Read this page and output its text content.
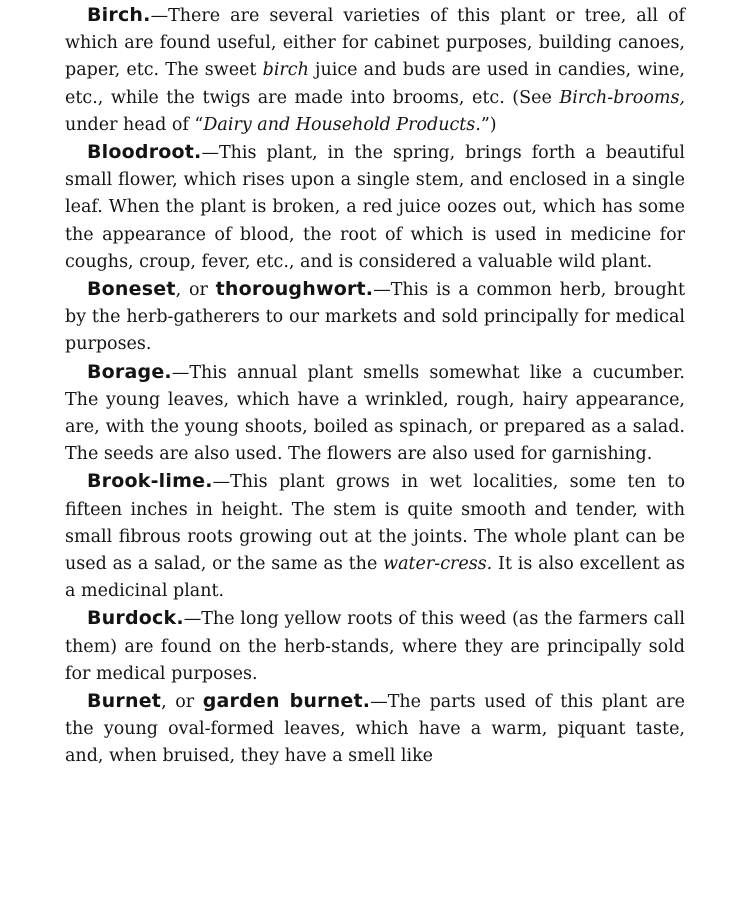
Birch.—There are several varieties of this plant or tree, all of which are found useful, either for cabinet purposes, building canoes, paper, etc. The sweet birch juice and buds are used in candies, wine, etc., while the twigs are made into brooms, etc. (See Birch-brooms, under head of “Dairy and Household Products.”)

Bloodroot.—This plant, in the spring, brings forth a beautiful small flower, which rises upon a single stem, and enclosed in a single leaf. When the plant is broken, a red juice oozes out, which has some the appearance of blood, the root of which is used in medicine for coughs, croup, fever, etc., and is considered a valuable wild plant.

Boneset, or thoroughwort.—This is a common herb, brought by the herb-gatherers to our markets and sold principally for medical purposes.

Borage.—This annual plant smells somewhat like a cucumber. The young leaves, which have a wrinkled, rough, hairy appearance, are, with the young shoots, boiled as spinach, or prepared as a salad. The seeds are also used. The flowers are also used for garnishing.

Brook-lime.—This plant grows in wet localities, some ten to fifteen inches in height. The stem is quite smooth and tender, with small fibrous roots growing out at the joints. The whole plant can be used as a salad, or the same as the water-cress. It is also excellent as a medicinal plant.

Burdock.—The long yellow roots of this weed (as the farmers call them) are found on the herb-stands, where they are principally sold for medical purposes.

Burnet, or garden burnet.—The parts used of this plant are the young oval-formed leaves, which have a warm, piquant taste, and, when bruised, they have a smell like
